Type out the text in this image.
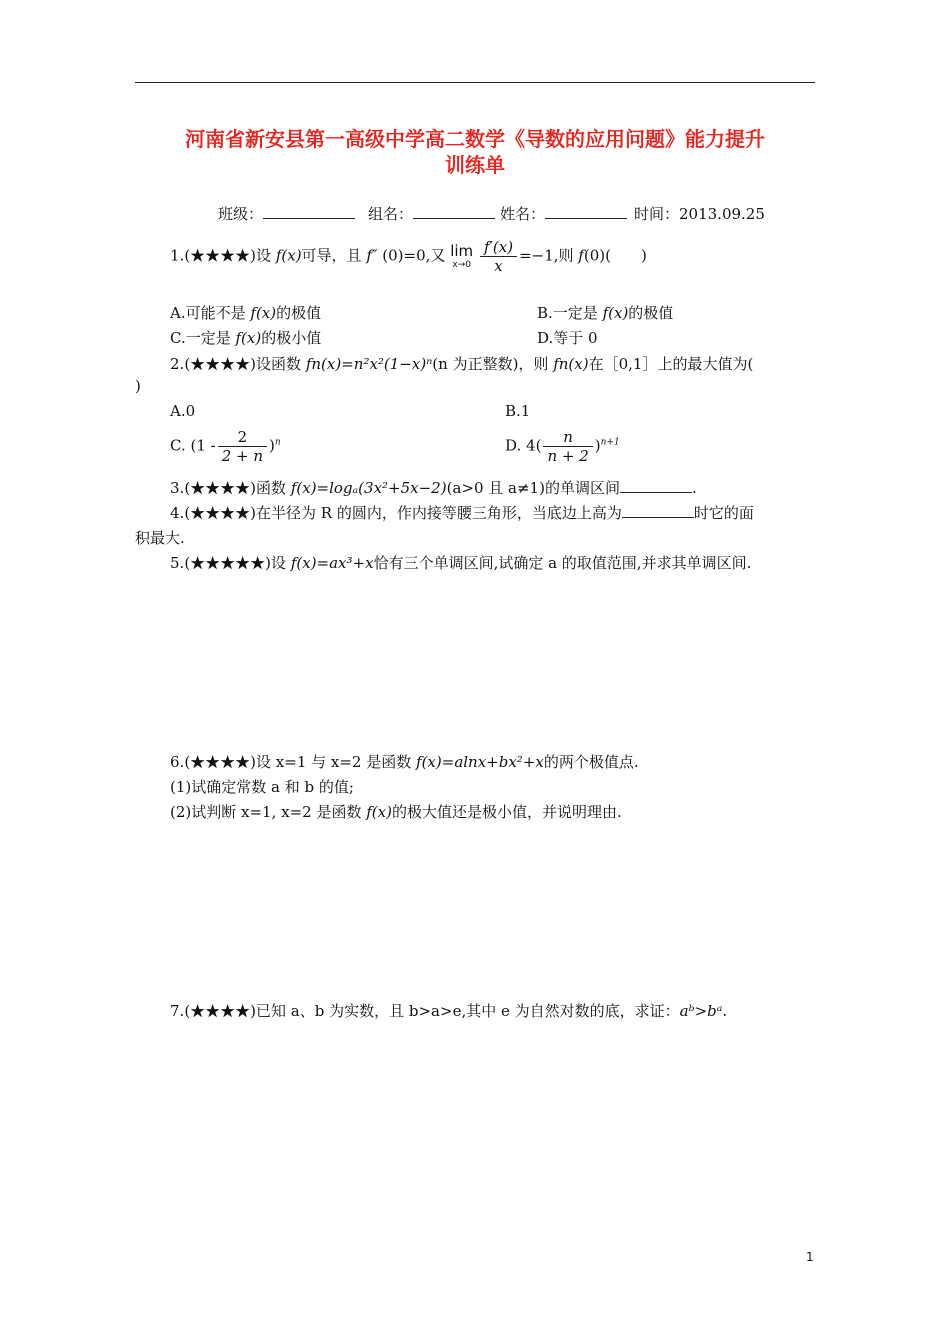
河南省新安县第一高级中学高二数学《导数的应用问题》能力提升
训练单
班级：	组名：	姓名：	时间：2013.09.25
1.(★★★★)设 f(x)可导，且 f″ (0)=0,又 lim
x→0
$\frac{f'(x)}{x} =-1$,则 f(0)(　　)
A.可能不是 f(x)的极值	B.一定是 f(x)的极值
C.一定是 f(x)的极小值	D.等于 0
2.(★★★★)设函数 fn(x)=n²x²(1−x)ⁿ(n 为正整数)，则 fn(x)在［0,1］上的最大值为(
)
A.0	B.1
C. $(1 - \frac{2}{2 + n} )^n$	D. $4( \frac{n}{n + 2} )^{n+1}$
3.(★★★★)函数 f(x)=logₐ(3x²+5x−2)(a>0 且 a≠1)的单调区间	.
4.(★★★★)在半径为 R 的圆内，作内接等腰三角形，当底边上高为	时它的面
积最大.
5.(★★★★★)设 f(x)=ax³+x恰有三个单调区间,试确定 a 的取值范围,并求其单调区间.
6.(★★★★)设 x=1 与 x=2 是函数 f(x)=alnx+bx²+x的两个极值点.
(1)试确定常数 a 和 b 的值;
(2)试判断 x=1, x=2 是函数 f(x)的极大值还是极小值，并说明理由.
7.(★★★★)已知 a、b 为实数，且 b>a>e,其中 e 为自然对数的底，求证：aᵇ>bᵃ.
1
